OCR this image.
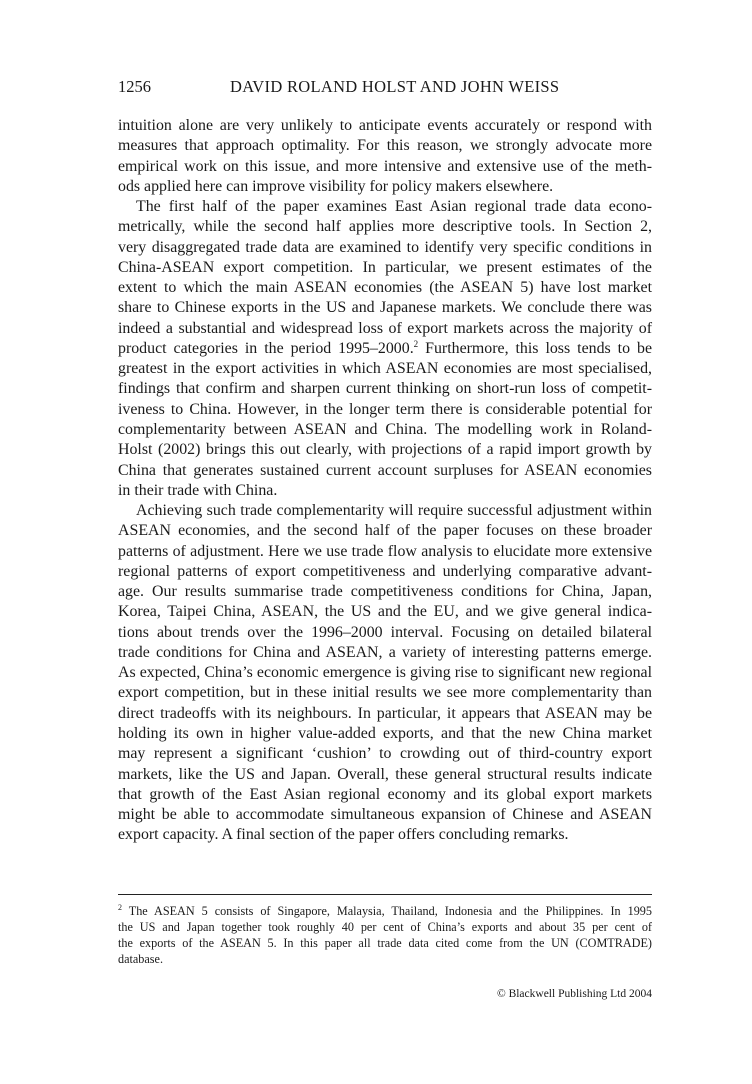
1256	DAVID ROLAND HOLST AND JOHN WEISS
intuition alone are very unlikely to anticipate events accurately or respond with
measures that approach optimality. For this reason, we strongly advocate more
empirical work on this issue, and more intensive and extensive use of the meth-
ods applied here can improve visibility for policy makers elsewhere.
The first half of the paper examines East Asian regional trade data econo-
metrically, while the second half applies more descriptive tools. In Section 2,
very disaggregated trade data are examined to identify very specific conditions in
China-ASEAN export competition. In particular, we present estimates of the
extent to which the main ASEAN economies (the ASEAN 5) have lost market
share to Chinese exports in the US and Japanese markets. We conclude there was
indeed a substantial and widespread loss of export markets across the majority of
product categories in the period 1995–2000.$^2$ Furthermore, this loss tends to be
greatest in the export activities in which ASEAN economies are most specialised,
findings that confirm and sharpen current thinking on short-run loss of competit-
iveness to China. However, in the longer term there is considerable potential for
complementarity between ASEAN and China. The modelling work in Roland-
Holst (2002) brings this out clearly, with projections of a rapid import growth by
China that generates sustained current account surpluses for ASEAN economies
in their trade with China.
Achieving such trade complementarity will require successful adjustment within
ASEAN economies, and the second half of the paper focuses on these broader
patterns of adjustment. Here we use trade flow analysis to elucidate more extensive
regional patterns of export competitiveness and underlying comparative advant-
age. Our results summarise trade competitiveness conditions for China, Japan,
Korea, Taipei China, ASEAN, the US and the EU, and we give general indica-
tions about trends over the 1996–2000 interval. Focusing on detailed bilateral
trade conditions for China and ASEAN, a variety of interesting patterns emerge.
As expected, China’s economic emergence is giving rise to significant new regional
export competition, but in these initial results we see more complementarity than
direct tradeoffs with its neighbours. In particular, it appears that ASEAN may be
holding its own in higher value-added exports, and that the new China market
may represent a significant ‘cushion’ to crowding out of third-country export
markets, like the US and Japan. Overall, these general structural results indicate
that growth of the East Asian regional economy and its global export markets
might be able to accommodate simultaneous expansion of Chinese and ASEAN
export capacity. A final section of the paper offers concluding remarks.
$^2$ The ASEAN 5 consists of Singapore, Malaysia, Thailand, Indonesia and the Philippines. In 1995
the US and Japan together took roughly 40 per cent of China’s exports and about 35 per cent of
the exports of the ASEAN 5. In this paper all trade data cited come from the UN (COMTRADE)
database.
© Blackwell Publishing Ltd 2004
